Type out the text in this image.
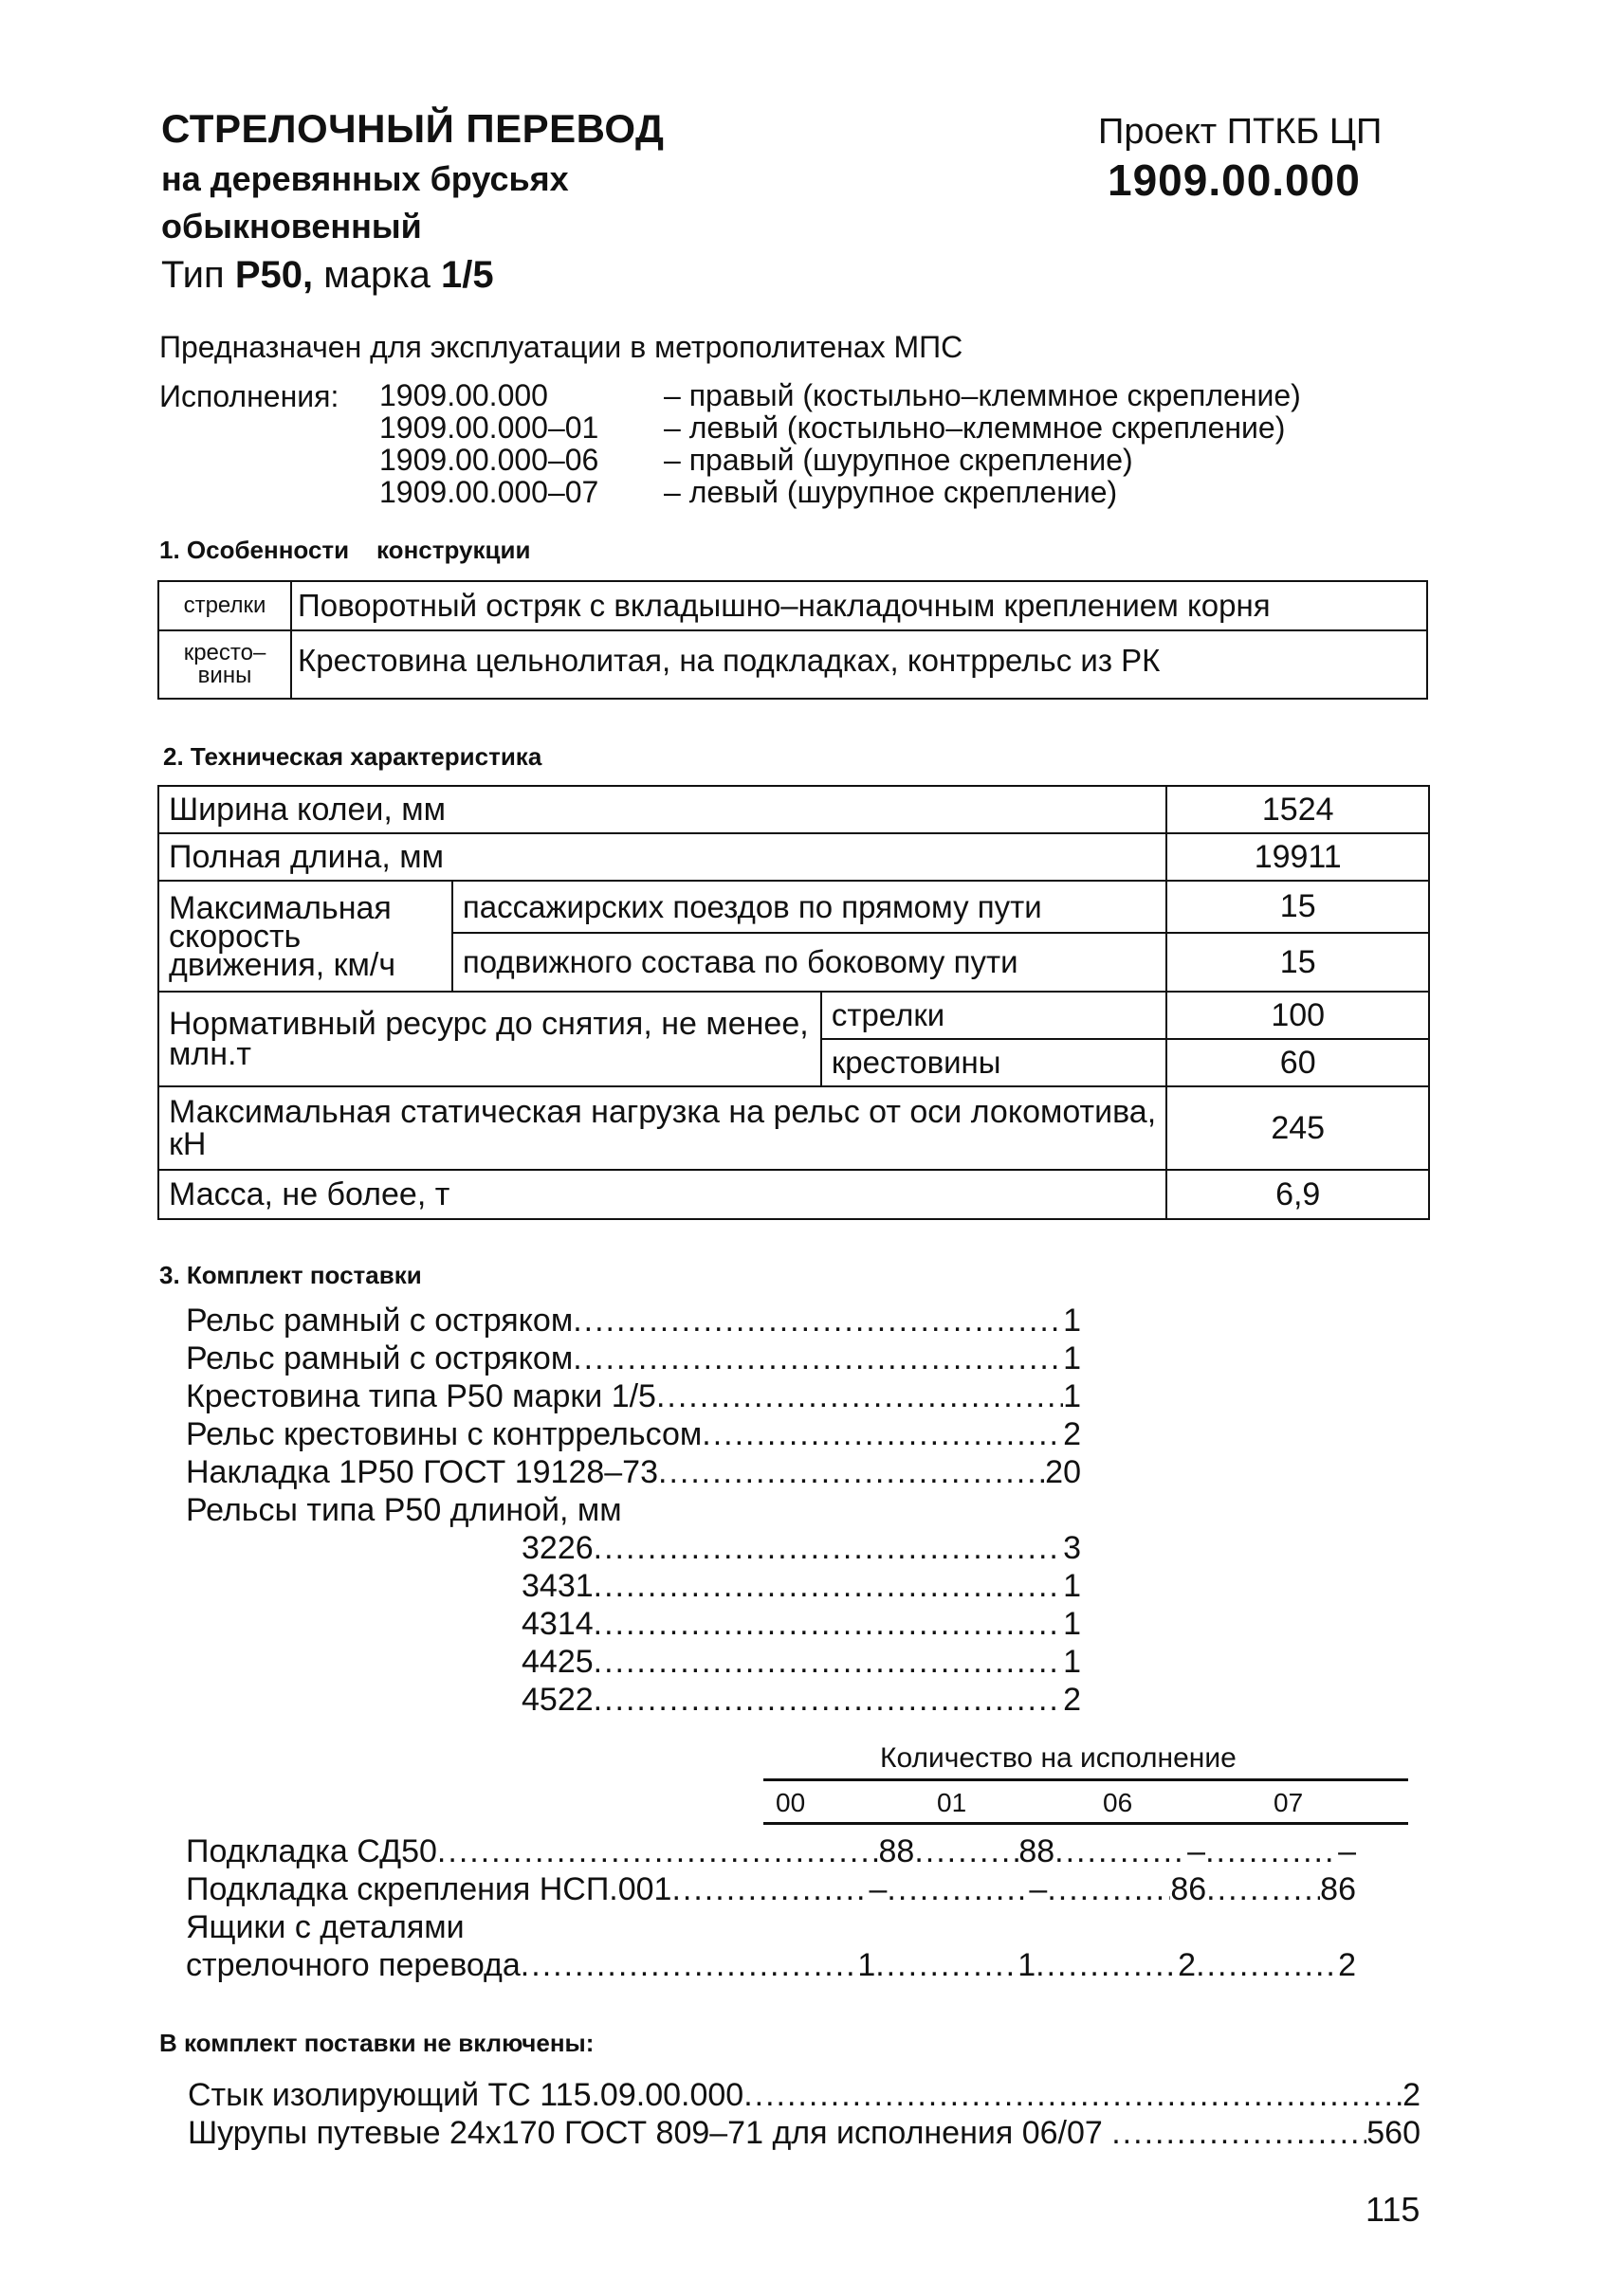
СТРЕЛОЧНЫЙ ПЕРЕВОД
на деревянных брусьях
обыкновенный
Тип Р50, марка 1/5
Проект ПТКБ ЦП
1909.00.000
Предназначен для эксплуатации в метрополитенах МПС
Исполнения: 1909.00.000	– правый (костыльно–клеммное скрепление)
1909.00.000–01	– левый (костыльно–клеммное скрепление)
1909.00.000–06	– правый (шурупное скрепление)
1909.00.000–07	– левый (шурупное скрепление)
1. Особенности    конструкции
стрелки	Поворотный остряк с вкладышно–накладочным креплением корня
кресто– вины	Крестовина цельнолитая, на подкладках, контррельс из РК
2. Техническая характеристика
Ширина колеи, мм			1524
Полная длина, мм			19911
Максимальная скорость движения, км/ч	пассажирских поездов по прямому пути		15
	подвижного состава по боковому пути		15
Нормативный ресурс до снятия, не менее, млн.т		стрелки	100
		крестовины	60
Максимальная статическая нагрузка на рельс от оси локомотива, кН			245
Масса, не более, т			6,9
3. Комплект поставки
Рельс рамный с остряком .....	1
Рельс рамный с остряком .....	1
Крестовина типа Р50 марки 1/5 .....	1
Рельс крестовины с контррельсом .....	2
Накладка 1Р50 ГОСТ 19128–73 .....	20
Рельсы типа Р50 длиной, мм
3226 .....	3
3431 .....	1
4314 .....	1
4425 .....	1
4522 .....	2
Количество на исполнение
00	01	06	07
Подкладка СД50 .....	88 .....	88 .....	– .....	–
Подкладка скрепления НСП.001 .....	– .....	– .....	86 .....	86
Ящики с деталями
стрелочного перевода .....	1 .....	1 .....	2 .....	2
В комплект поставки не включены:
Стык изолирующий ТС 115.09.00.000 .....	2
Шурупы путевые 24х170 ГОСТ 809–71 для исполнения 06/07 .....	560
115
